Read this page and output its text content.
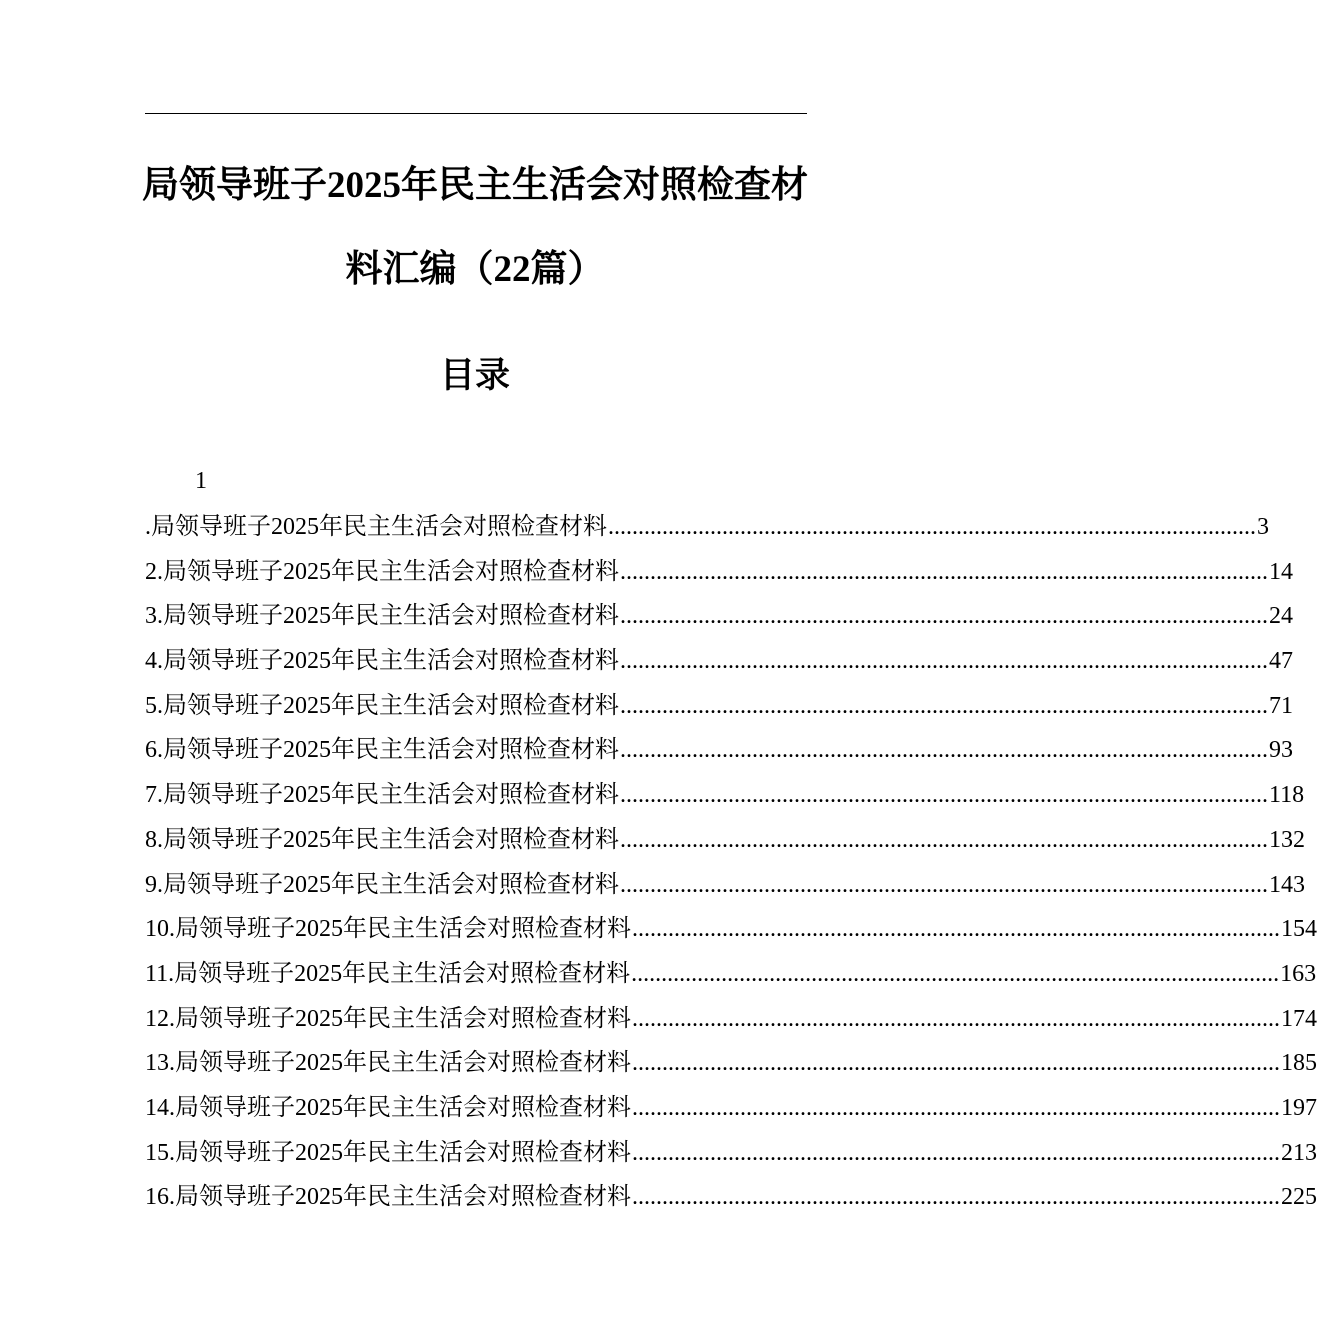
局领导班子2025年民主生活会对照检查材
料汇编（22篇）
目录
1
.局领导班子2025年民主生活会对照检查材料 ............................................................................................................ 3
2.局领导班子2025年民主生活会对照检查材料 ............................................................................................................ 14
3.局领导班子2025年民主生活会对照检查材料 ............................................................................................................ 24
4.局领导班子2025年民主生活会对照检查材料 ............................................................................................................ 47
5.局领导班子2025年民主生活会对照检查材料 ............................................................................................................ 71
6.局领导班子2025年民主生活会对照检查材料 ............................................................................................................ 93
7.局领导班子2025年民主生活会对照检查材料 ............................................................................................................ 118
8.局领导班子2025年民主生活会对照检查材料 ............................................................................................................ 132
9.局领导班子2025年民主生活会对照检查材料 ............................................................................................................ 143
10.局领导班子2025年民主生活会对照检查材料 ............................................................................................................ 154
11.局领导班子2025年民主生活会对照检查材料 ............................................................................................................ 163
12.局领导班子2025年民主生活会对照检查材料 ............................................................................................................ 174
13.局领导班子2025年民主生活会对照检查材料 ............................................................................................................ 185
14.局领导班子2025年民主生活会对照检查材料 ............................................................................................................ 197
15.局领导班子2025年民主生活会对照检查材料 ............................................................................................................ 213
16.局领导班子2025年民主生活会对照检查材料 ............................................................................................................ 225
